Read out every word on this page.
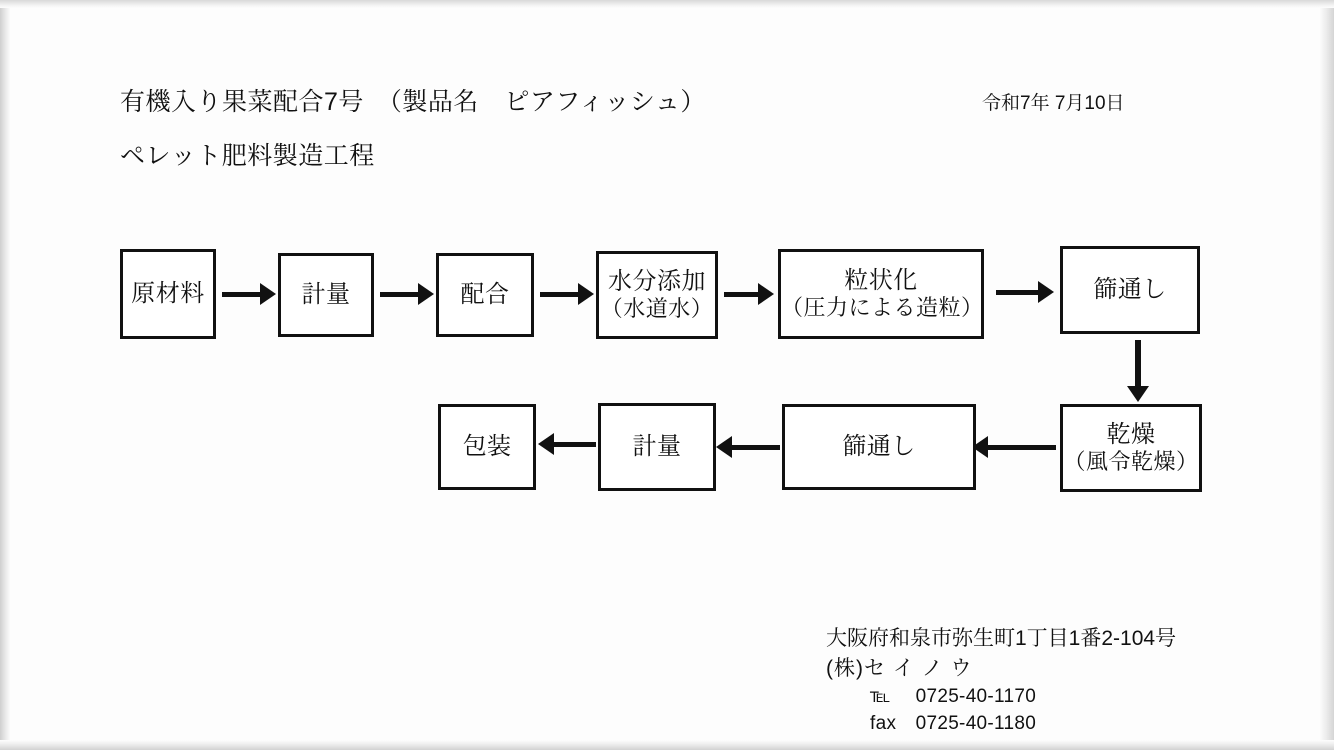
有機入り果菜配合7号　（製品名　ピアフィッシュ）
ペレット肥料製造工程
令和7年 7月10日
原材料	計量	配合	水分添加
（水道水）
粒状化
（圧力による造粒）
篩通し
乾燥
（風令乾燥）
篩通し
計量
包装
大阪府和泉市弥生町1丁目1番2-104号
(株)セ イ ノ ウ
℡ 0725-40-1170
fax 0725-40-1180
